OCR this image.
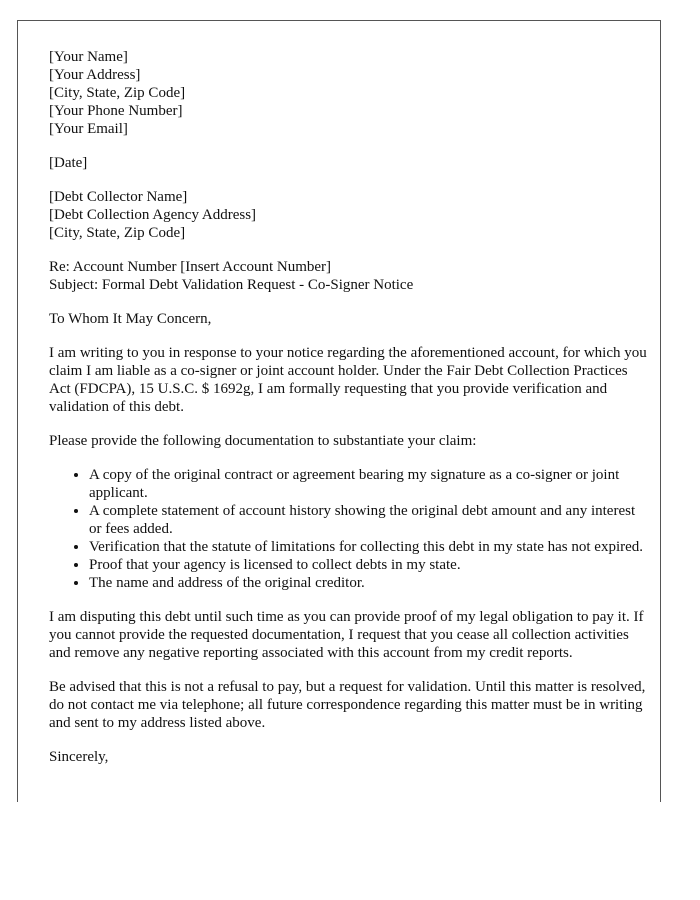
[Your Name]
[Your Address]
[City, State, Zip Code]
[Your Phone Number]
[Your Email]
[Date]
[Debt Collector Name]
[Debt Collection Agency Address]
[City, State, Zip Code]
Re: Account Number [Insert Account Number]
Subject: Formal Debt Validation Request - Co-Signer Notice

To Whom It May Concern,

I am writing to you in response to your notice regarding the aforementioned account, for which you claim I am liable as a co-signer or joint account holder. Under the Fair Debt Collection Practices Act (FDCPA), 15 U.S.C. $ 1692g, I am formally requesting that you provide verification and validation of this debt.

Please provide the following documentation to substantiate your claim:

• A copy of the original contract or agreement bearing my signature as a co-signer or joint applicant.
• A complete statement of account history showing the original debt amount and any interest or fees added.
• Verification that the statute of limitations for collecting this debt in my state has not expired.
• Proof that your agency is licensed to collect debts in my state.
• The name and address of the original creditor.

I am disputing this debt until such time as you can provide proof of my legal obligation to pay it. If you cannot provide the requested documentation, I request that you cease all collection activities and remove any negative reporting associated with this account from my credit reports.

Be advised that this is not a refusal to pay, but a request for validation. Until this matter is resolved, do not contact me via telephone; all future correspondence regarding this matter must be in writing and sent to my address listed above.

Sincerely,
